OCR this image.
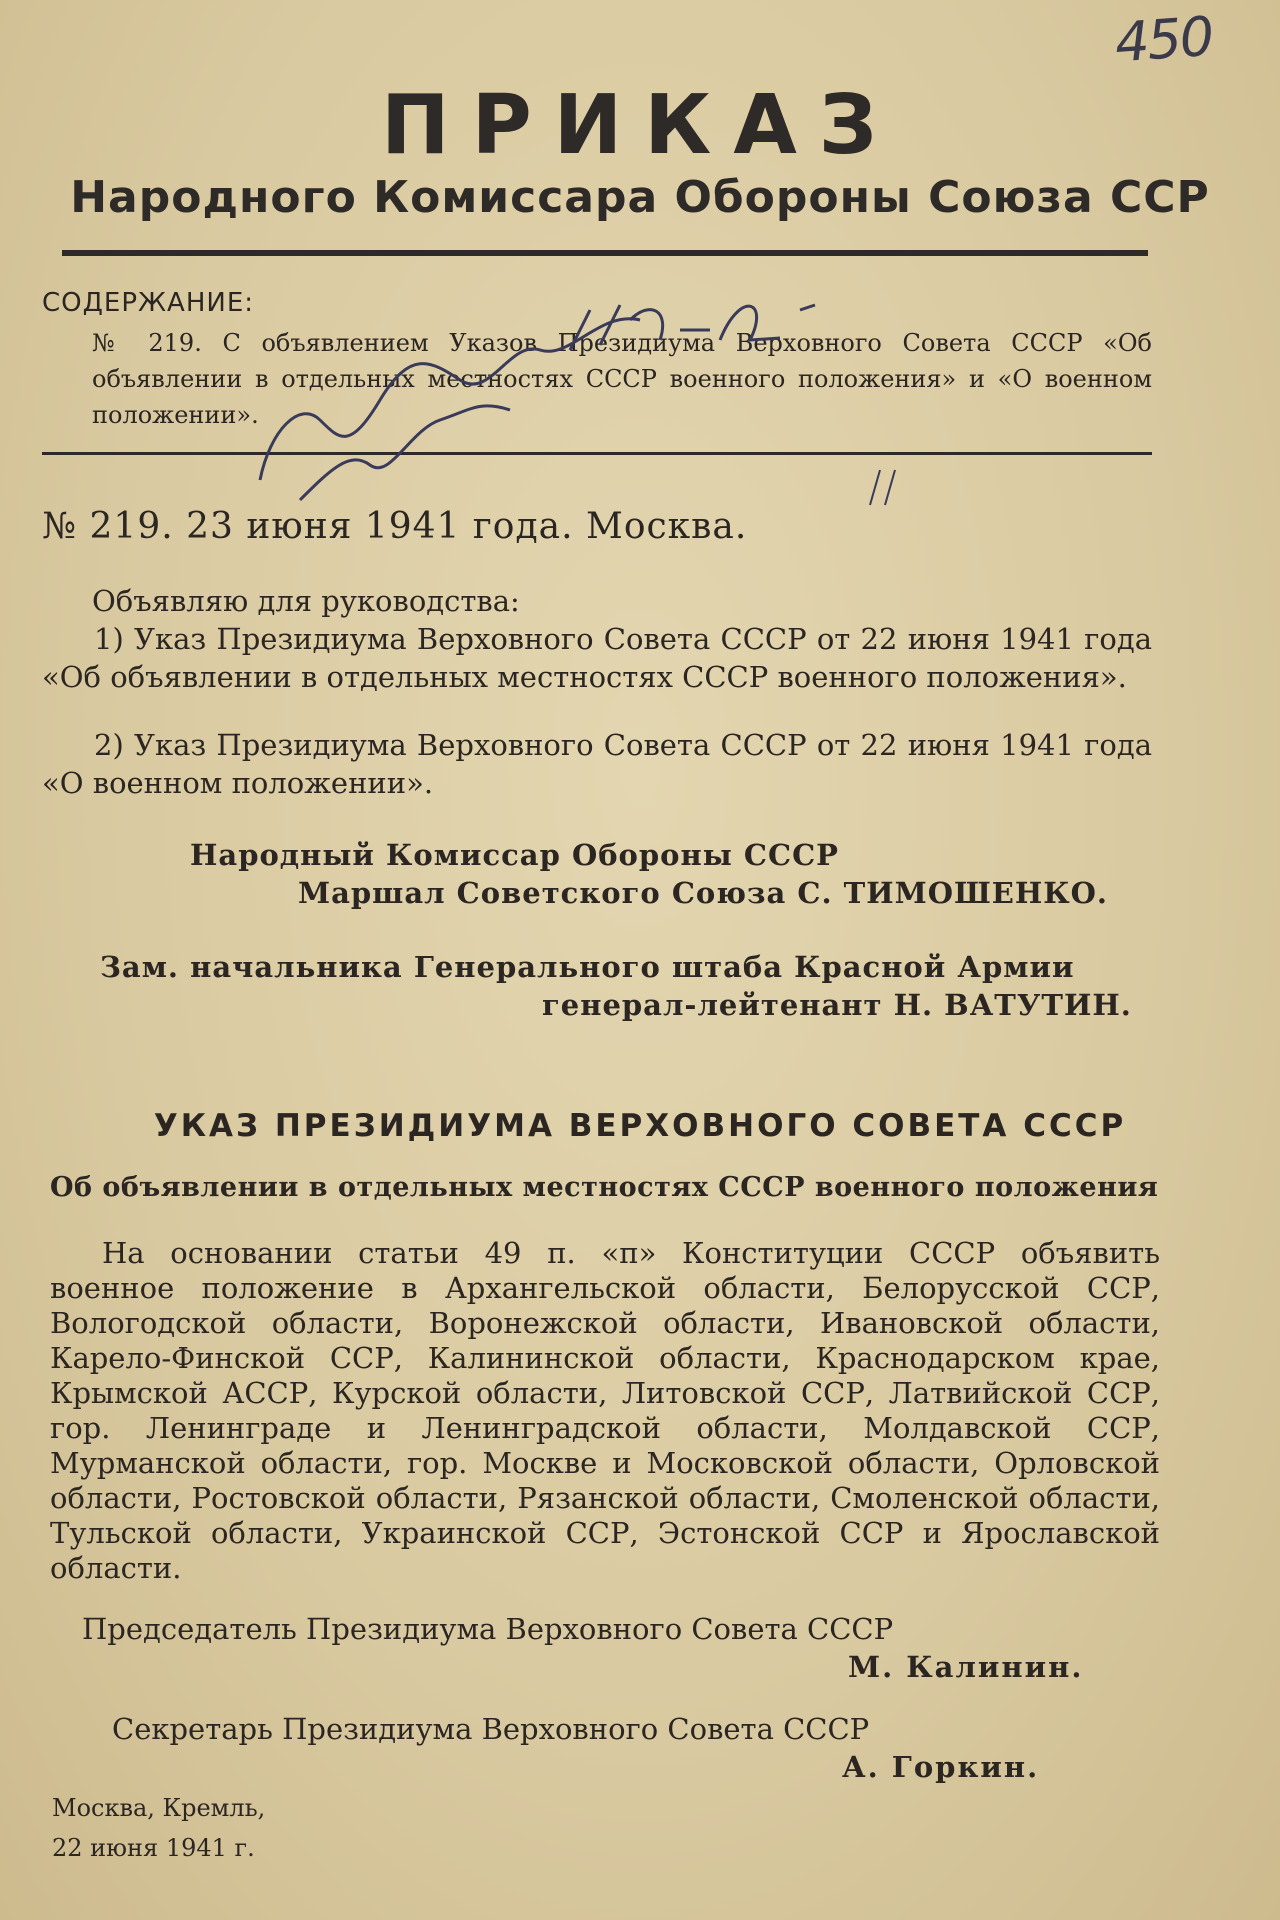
450
ПРИКАЗ
Народного Комиссара Обороны Союза ССР
СОДЕРЖАНИЕ:
№ 219. С объявлением Указов Президиума Верховного Совета СССР «Об объявлении в отдельных местностях СССР военного положения» и «О военном положении».
№ 219. 23 июня 1941 года. Москва.
Объявляю для руководства:
1) Указ Президиума Верховного Совета СССР от 22 июня 1941 года «Об объявлении в отдельных местностях СССР военного положения».
2) Указ Президиума Верховного Совета СССР от 22 июня 1941 года «О военном положении».
Народный Комиссар Обороны СССР
Маршал Советского Союза С. ТИМОШЕНКО.
Зам. начальника Генерального штаба Красной Армии
генерал-лейтенант Н. ВАТУТИН.
УКАЗ ПРЕЗИДИУМА ВЕРХОВНОГО СОВЕТА СССР
Об объявлении в отдельных местностях СССР военного положения
На основании статьи 49 п. «п» Конституции СССР объявить военное положение в Архангельской области, Белорусской ССР, Вологодской области, Воронежской области, Ивановской области, Карело-Финской ССР, Калининской области, Краснодарском крае, Крымской АССР, Курской области, Литовской ССР, Латвийской ССР, гор. Ленинграде и Ленинградской области, Молдавской ССР, Мурманской области, гор. Москве и Московской области, Орловской области, Ростовской области, Рязанской области, Смоленской области, Тульской области, Украинской ССР, Эстонской ССР и Ярославской области.
Председатель Президиума Верховного Совета СССР
М. Калинин.
Секретарь Президиума Верховного Совета СССР
А. Горкин.
Москва, Кремль,
22 июня 1941 г.
